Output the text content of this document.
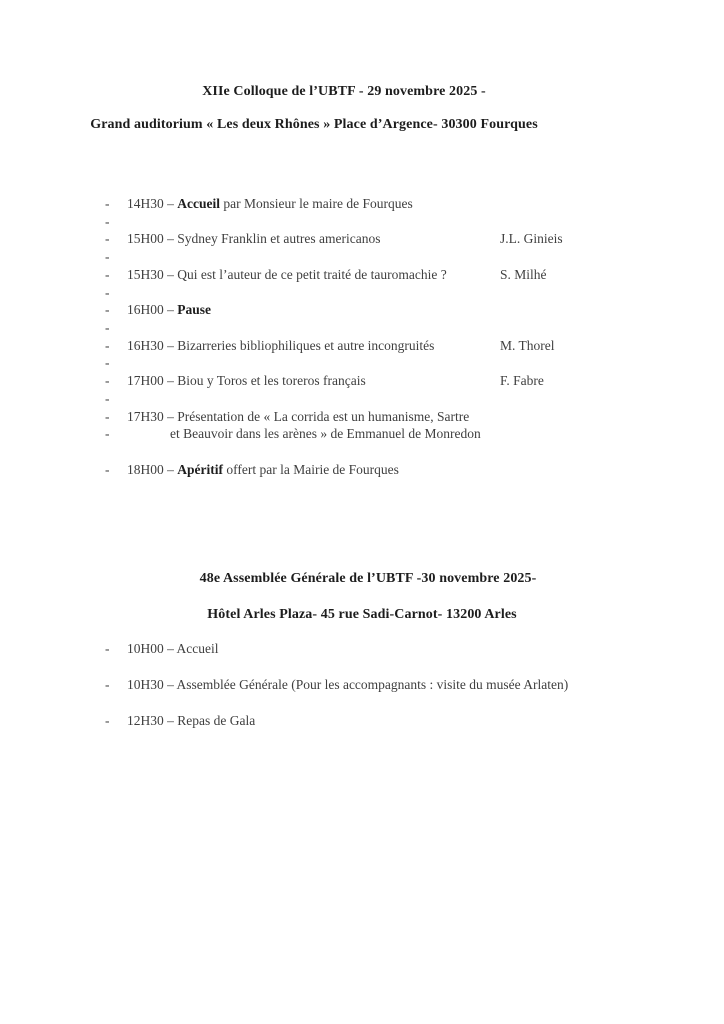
XIIe Colloque de l’UBTF - 29 novembre 2025 -
Grand auditorium « Les deux Rhônes » Place d’Argence- 30300 Fourques
- 14H30 – Accueil par Monsieur le maire de Fourques
-
- 15H00 – Sydney Franklin et autres americanos	J.L. Ginieis
-
- 15H30 – Qui est l’auteur de ce petit traité de tauromachie ?	S. Milhé
-
- 16H00 – Pause
-
- 16H30 – Bizarreries bibliophiliques et autre incongruités	M. Thorel
-
- 17H00 – Biou y Toros et les toreros français	F. Fabre
-
- 17H30 – Présentation de « La corrida est un humanisme, Sartre
-	et Beauvoir dans les arènes » de Emmanuel de Monredon
- 18H00 – Apéritif offert par la Mairie de Fourques
48e Assemblée Générale de l’UBTF -30 novembre 2025-
Hôtel Arles Plaza- 45 rue Sadi-Carnot- 13200 Arles
- 10H00 – Accueil
- 10H30 – Assemblée Générale (Pour les accompagnants : visite du musée Arlaten)
- 12H30 – Repas de Gala
